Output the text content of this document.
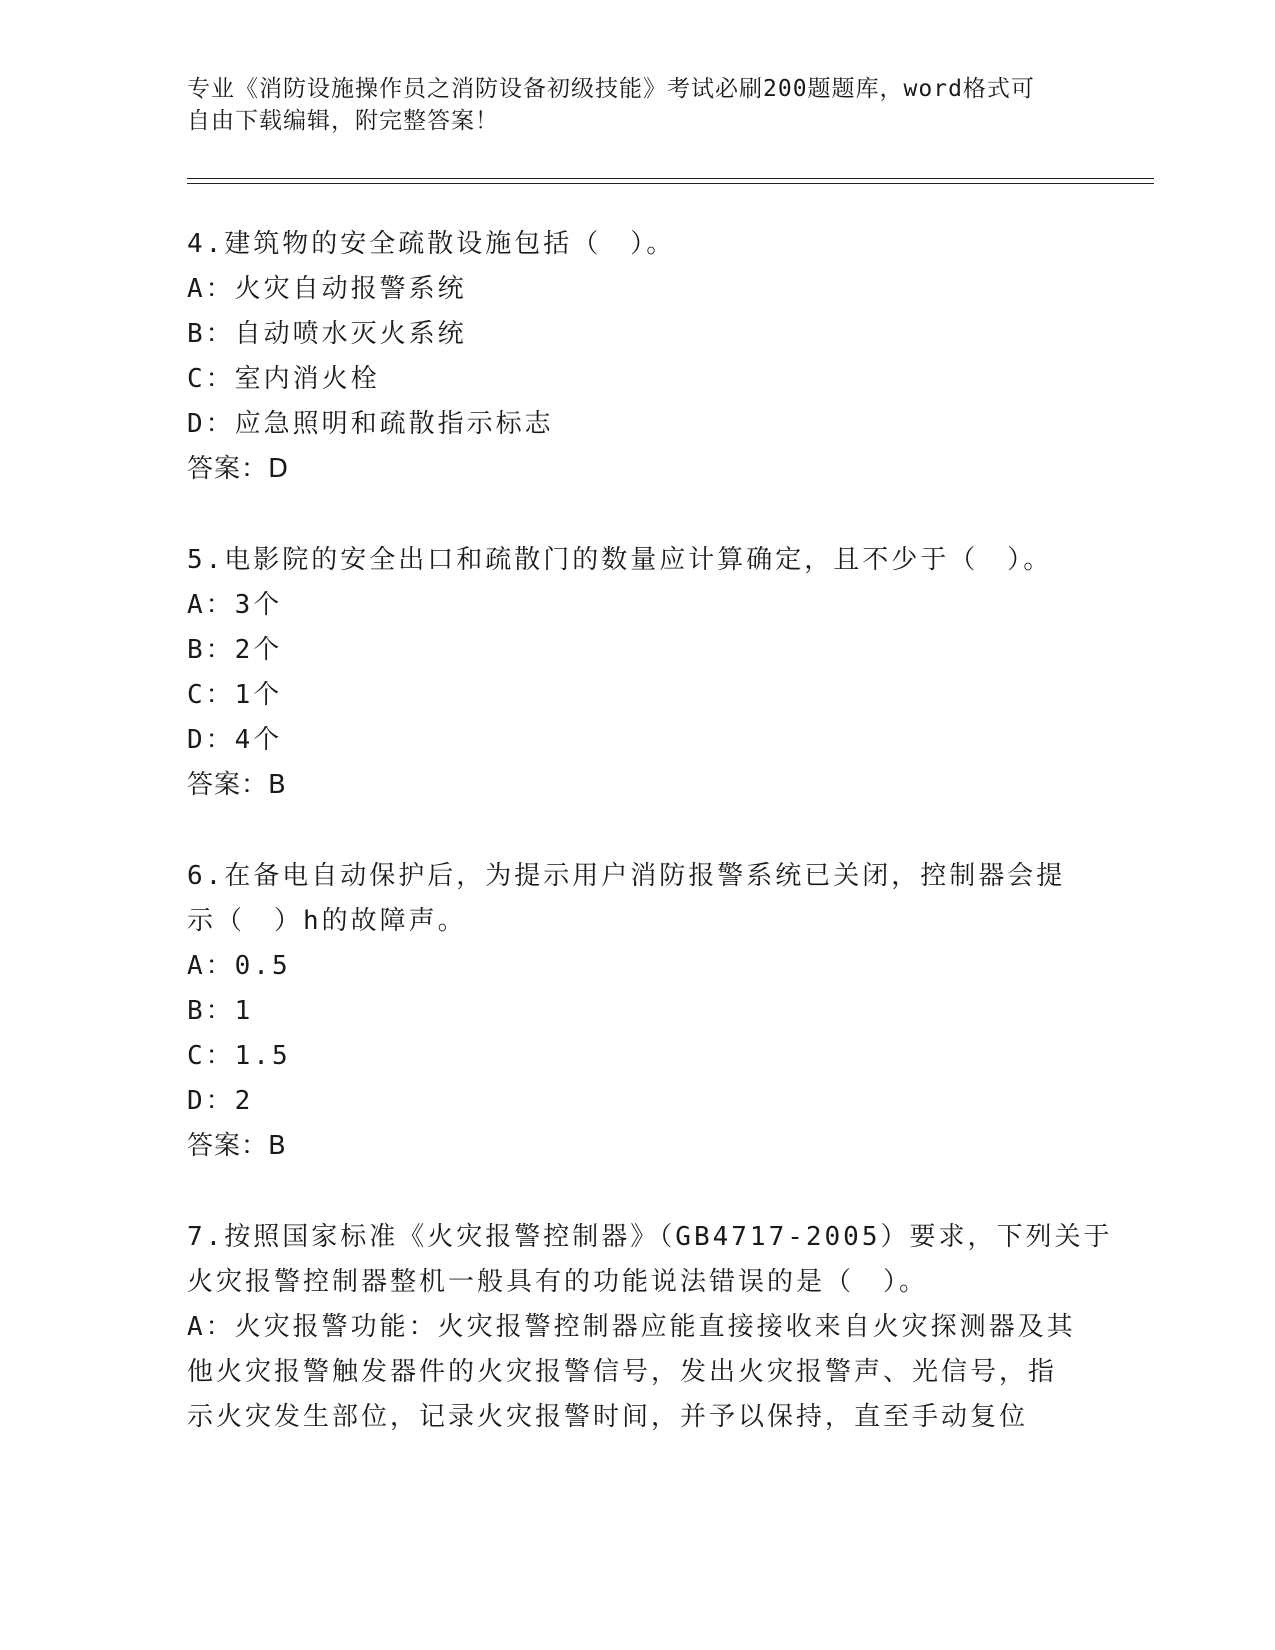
专业《消防设施操作员之消防设备初级技能》考试必刷200题题库，word格式可
自由下载编辑，附完整答案！
4.建筑物的安全疏散设施包括（　）。
A：火灾自动报警系统
B：自动喷水灭火系统
C：室内消火栓
D：应急照明和疏散指示标志
答案：D
5.电影院的安全出口和疏散门的数量应计算确定，且不少于（　）。
A：3个
B：2个
C：1个
D：4个
答案：B
6.在备电自动保护后，为提示用户消防报警系统已关闭，控制器会提
示（　）h的故障声。
A：0.5
B：1
C：1.5
D：2
答案：B
7.按照国家标准《火灾报警控制器》（GB4717-2005）要求，下列关于
火灾报警控制器整机一般具有的功能说法错误的是（　）。
A：火灾报警功能：火灾报警控制器应能直接接收来自火灾探测器及其
他火灾报警触发器件的火灾报警信号，发出火灾报警声、光信号，指
示火灾发生部位，记录火灾报警时间，并予以保持，直至手动复位
